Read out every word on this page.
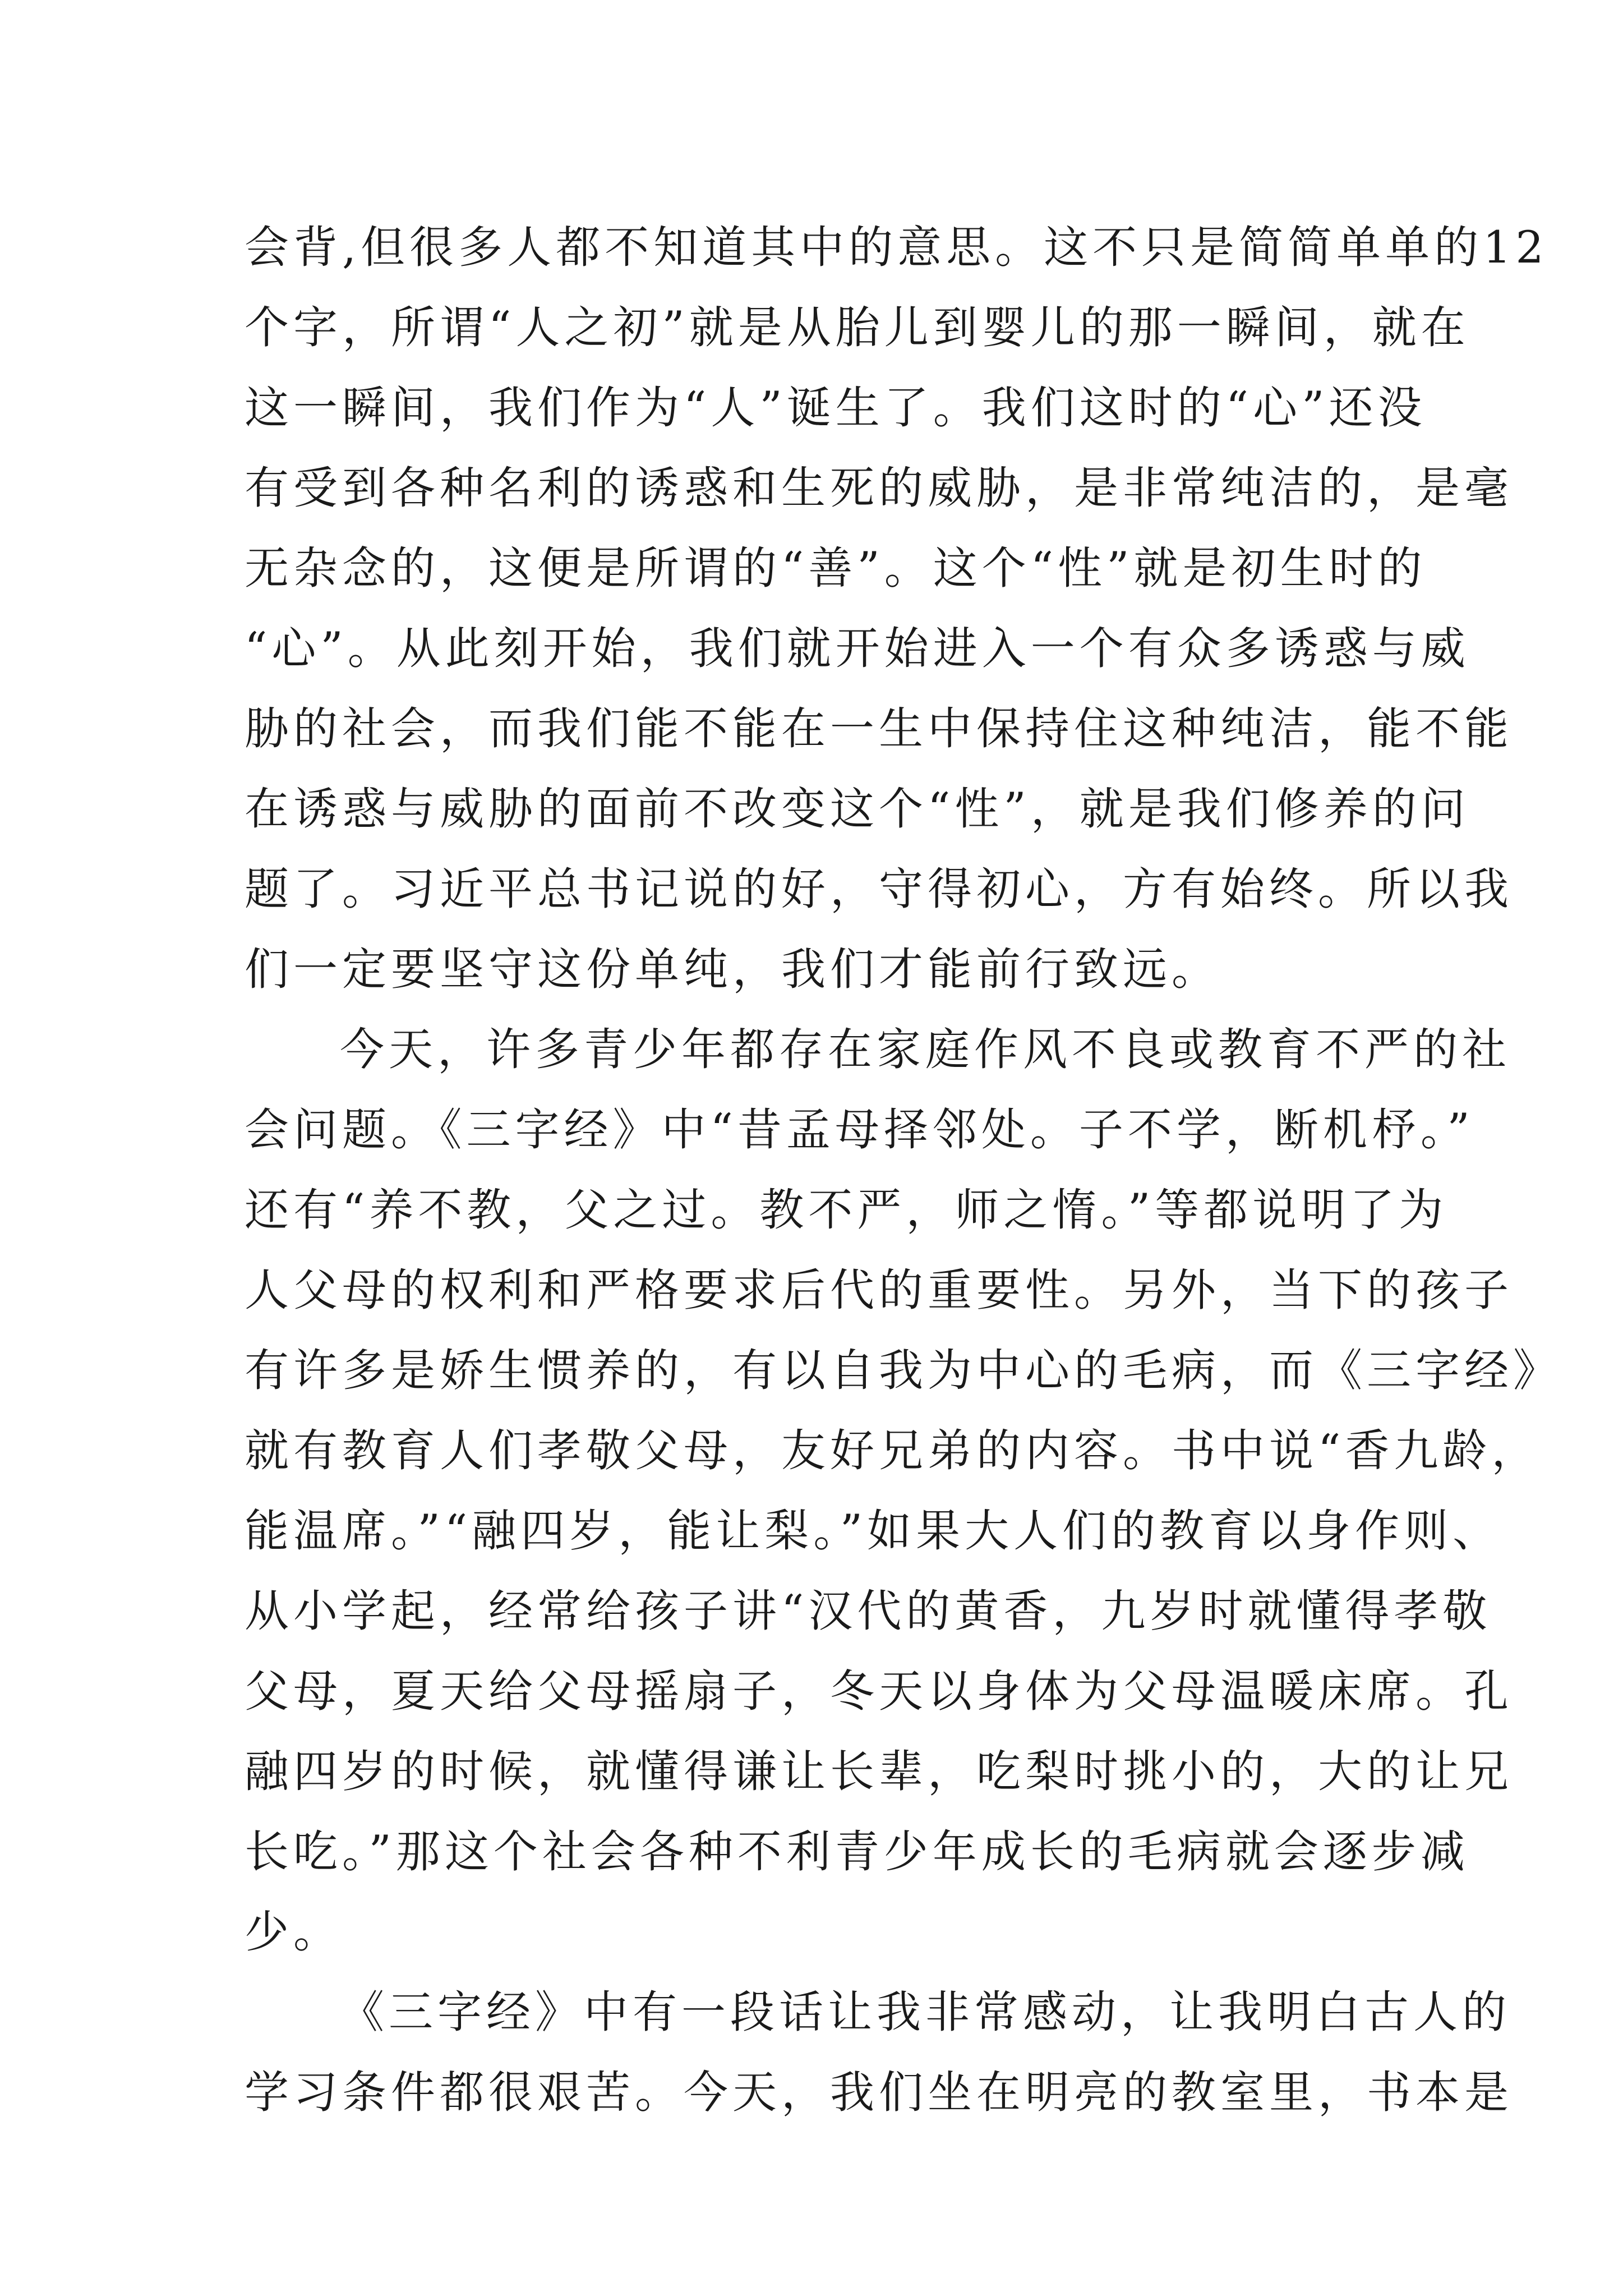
会背,但很多人都不知道其中的意思。这不只是简简单单的12
个字，所谓“人之初”就是从胎儿到婴儿的那一瞬间，就在
这一瞬间，我们作为“人”诞生了。我们这时的“心”还没
有受到各种名利的诱惑和生死的威胁，是非常纯洁的，是毫
无杂念的，这便是所谓的“善”。这个“性”就是初生时的
“心”。从此刻开始，我们就开始进入一个有众多诱惑与威
胁的社会，而我们能不能在一生中保持住这种纯洁，能不能
在诱惑与威胁的面前不改变这个“性”，就是我们修养的问
题了。习近平总书记说的好，守得初心，方有始终。所以我
们一定要坚守这份单纯，我们才能前行致远。

今天，许多青少年都存在家庭作风不良或教育不严的社
会问题。《三字经》中“昔孟母择邻处。子不学，断机杼。”
还有“养不教，父之过。教不严，师之惰。”等都说明了为
人父母的权利和严格要求后代的重要性。另外，当下的孩子
有许多是娇生惯养的，有以自我为中心的毛病，而《三字经》
就有教育人们孝敬父母，友好兄弟的内容。书中说“香九龄，
能温席。”“融四岁，能让梨。”如果大人们的教育以身作则、
从小学起，经常给孩子讲“汉代的黄香，九岁时就懂得孝敬
父母，夏天给父母摇扇子，冬天以身体为父母温暖床席。孔
融四岁的时候，就懂得谦让长辈，吃梨时挑小的，大的让兄
长吃。”那这个社会各种不利青少年成长的毛病就会逐步减
少。

《三字经》中有一段话让我非常感动，让我明白古人的
学习条件都很艰苦。今天，我们坐在明亮的教室里，书本是
